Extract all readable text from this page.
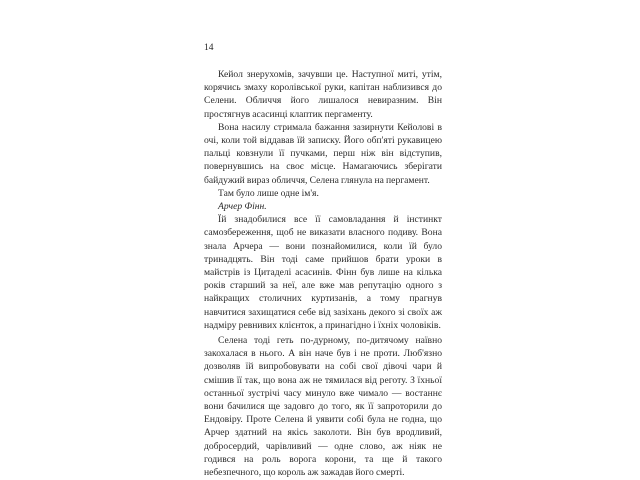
14

Кейол знерухомів, зачувши це. Наступної миті, утім, корячись змаху королівської руки, капітан наблизився до Селени. Обличчя його лишалося невиразним. Він простягнув асасинці клаптик пергаменту.

Вона насилу стримала бажання зазирнути Кейолові в очі, коли той віддавав їй записку. Його обп'яті рукавицею пальці ковзнули її пучками, перш ніж він відступив, повернувшись на своє місце. Намагаючись зберігати байдужий вираз обличчя, Селена глянула на пергамент.

Там було лише одне ім'я.

Арчер Фінн.

Їй знадобилися все її самовладання й інстинкт самозбереження, щоб не виказати власного подиву. Вона знала Арчера — вони познайомилися, коли їй було тринадцять. Він тоді саме прийшов брати уроки в майстрів із Цитаделі асасинів. Фінн був лише на кілька років старший за неї, але вже мав репутацію одного з найкращих столичних куртизанів, а тому прагнув навчитися захищатися себе від зазіхань декого зі своїх аж надміру ревнивих клієнток, а принагідно і їхніх чоловіків.

Селена тоді геть по-дурному, по-дитячому наївно закохалася в нього. А він наче був і не проти. Люб'язно дозволяв їй випробовувати на собі свої дівочі чари й смішив її так, що вона аж не тямилася від реготу. З їхньої останньої зустрічі часу минуло вже чимало — востаннє вони бачилися ще задовго до того, як її запроторили до Ендовіру. Проте Селена й уявити собі була не годна, що Арчер здатний на якісь заколоти. Він був вродливий, добросердий, чарівливий — одне слово, аж ніяк не годився на роль ворога корони, та ще й такого небезпечного, що король аж зажадав його смерті.
